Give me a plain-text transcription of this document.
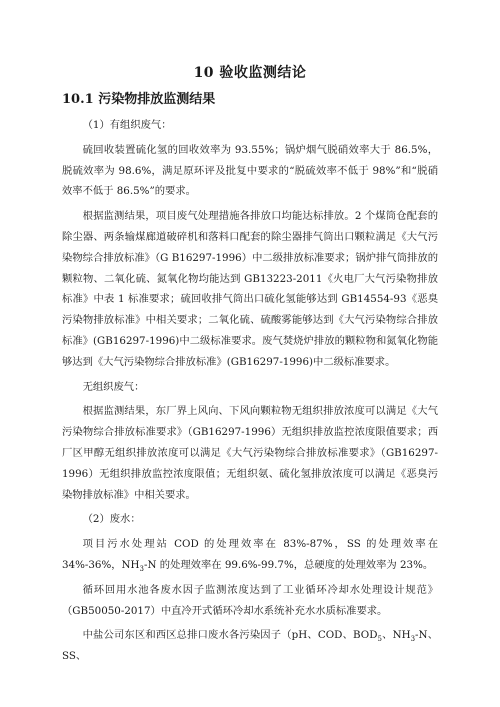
10 验收监测结论
10.1 污染物排放监测结果

（1）有组织废气：

硫回收装置硫化氢的回收效率为 93.55%；锅炉烟气脱硝效率大于 86.5%，脱硫效率为 98.6%，满足原环评及批复中要求的“脱硫效率不低于 98%”和“脱硝效率不低于 86.5%”的要求。

根据监测结果，项目废气处理措施各排放口均能达标排放。2 个煤筒仓配套的除尘器、两条输煤廊道破碎机和落料口配套的除尘器排气筒出口颗粒满足《大气污染物综合排放标准》（G B16297-1996）中二级排放标准要求；锅炉排气筒排放的颗粒物、二氧化硫、氮氧化物均能达到 GB13223-2011《火电厂大气污染物排放标准》中表 1 标准要求；硫回收排气筒出口硫化氢能够达到 GB14554-93《恶臭污染物排放标准》中相关要求；二氧化硫、硫酸雾能够达到《大气污染物综合排放标准》(GB16297-1996)中二级标准要求。废气焚烧炉排放的颗粒物和氮氧化物能够达到《大气污染物综合排放标准》(GB16297-1996)中二级标准要求。

无组织废气：

根据监测结果，东厂界上风向、下风向颗粒物无组织排放浓度可以满足《大气污染物综合排放标准要求》（GB16297-1996）无组织排放监控浓度限值要求；西厂区甲醇无组织排放浓度可以满足《大气污染物综合排放标准要求》（GB16297-1996）无组织排放监控浓度限值；无组织氨、硫化氢排放浓度可以满足《恶臭污染物排放标准》中相关要求。

（2）废水：

项目污水处理站 COD 的处理效率在 83%-87%，SS 的处理效率在 34%-36%，$NH_3-N$ 的处理效率在 99.6%-99.7%，总硬度的处理效率为 23%。

循环回用水池各废水因子监测浓度达到了工业循环冷却水处理设计规范》（GB50050-2017）中直冷开式循环冷却水系统补充水水质标准要求。

中盐公司东区和西区总排口废水各污染因子（pH、COD、$BOD_5$、$NH_3-N$、SS、
